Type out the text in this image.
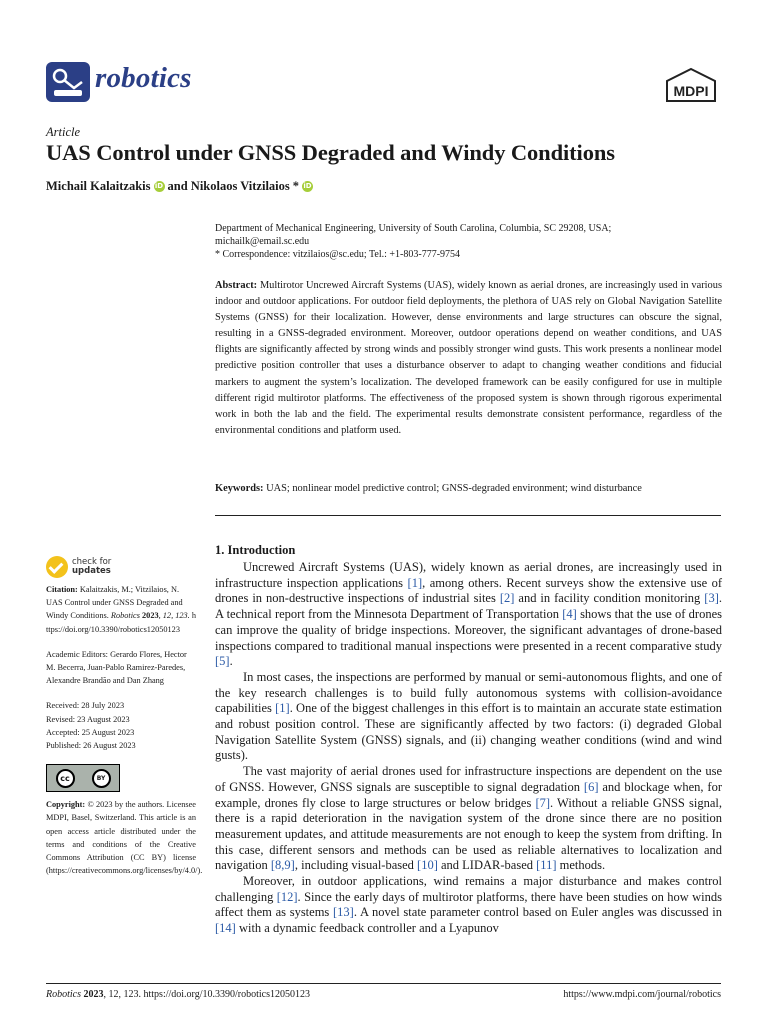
robotics	MDPI
Article
UAS Control under GNSS Degraded and Windy Conditions
Michail Kalaitzakis iD and Nikolaos Vitzilaios * iD
Department of Mechanical Engineering, University of South Carolina, Columbia, SC 29208, USA;
michailk@email.sc.edu
* Correspondence: vitzilaios@sc.edu; Tel.: +1-803-777-9754
Abstract: Multirotor Uncrewed Aircraft Systems (UAS), widely known as aerial drones, are increasingly used in various indoor and outdoor applications. For outdoor field deployments, the plethora of UAS rely on Global Navigation Satellite Systems (GNSS) for their localization. However, dense environments and large structures can obscure the signal, resulting in a GNSS-degraded environment. Moreover, outdoor operations depend on weather conditions, and UAS flights are significantly affected by strong winds and possibly stronger wind gusts. This work presents a nonlinear model predictive position controller that uses a disturbance observer to adapt to changing weather conditions and fiducial markers to augment the system’s localization. The developed framework can be easily configured for use in multiple different rigid multirotor platforms. The effectiveness of the proposed system is shown through rigorous experimental work in both the lab and the field. The experimental results demonstrate consistent performance, regardless of the environmental conditions and platform used.
Keywords: UAS; nonlinear model predictive control; GNSS-degraded environment; wind disturbance
check for
updates
Citation: Kalaitzakis, M.; Vitzilaios, N. UAS Control under GNSS Degraded and Windy Conditions. Robotics 2023, 12, 123. https://doi.org/10.3390/robotics12050123
Academic Editors: Gerardo Flores, Hector M. Becerra, Juan-Pablo Ramirez-Paredes, Alexandre Brandão and Dan Zhang
Received: 28 July 2023
Revised: 23 August 2023
Accepted: 25 August 2023
Published: 26 August 2023
cc	BY
Copyright: © 2023 by the authors. Licensee MDPI, Basel, Switzerland. This article is an open access article distributed under the terms and conditions of the Creative Commons Attribution (CC BY) license (https://creativecommons.org/licenses/by/4.0/).
1. Introduction

Uncrewed Aircraft Systems (UAS), widely known as aerial drones, are increasingly used in infrastructure inspection applications [1], among others. Recent surveys show the extensive use of drones in non-destructive inspections of industrial sites [2] and in facility condition monitoring [3]. A technical report from the Minnesota Department of Transportation [4] shows that the use of drones can improve the quality of bridge inspections. Moreover, the significant advantages of drone-based inspections compared to traditional manual inspections were presented in a recent comparative study [5].

In most cases, the inspections are performed by manual or semi-autonomous flights, and one of the key research challenges is to build fully autonomous systems with collision-avoidance capabilities [1]. One of the biggest challenges in this effort is to maintain an accurate state estimation and robust position control. These are significantly affected by two factors: (i) degraded Global Navigation Satellite System (GNSS) signals, and (ii) changing weather conditions (wind and wind gusts).

The vast majority of aerial drones used for infrastructure inspections are dependent on the use of GNSS. However, GNSS signals are susceptible to signal degradation [6] and blockage when, for example, drones fly close to large structures or below bridges [7]. Without a reliable GNSS signal, there is a rapid deterioration in the navigation system of the drone since there are no position measurement updates, and attitude measurements are not enough to keep the system from drifting. In this case, different sensors and methods can be used as reliable alternatives to localization and navigation [8,9], including visual-based [10] and LIDAR-based [11] methods.

Moreover, in outdoor applications, wind remains a major disturbance and makes control challenging [12]. Since the early days of multirotor platforms, there have been studies on how winds affect them as systems [13]. A novel state parameter control based on Euler angles was discussed in [14] with a dynamic feedback controller and a Lyapunov

Robotics 2023, 12, 123. https://doi.org/10.3390/robotics12050123	https://www.mdpi.com/journal/robotics
